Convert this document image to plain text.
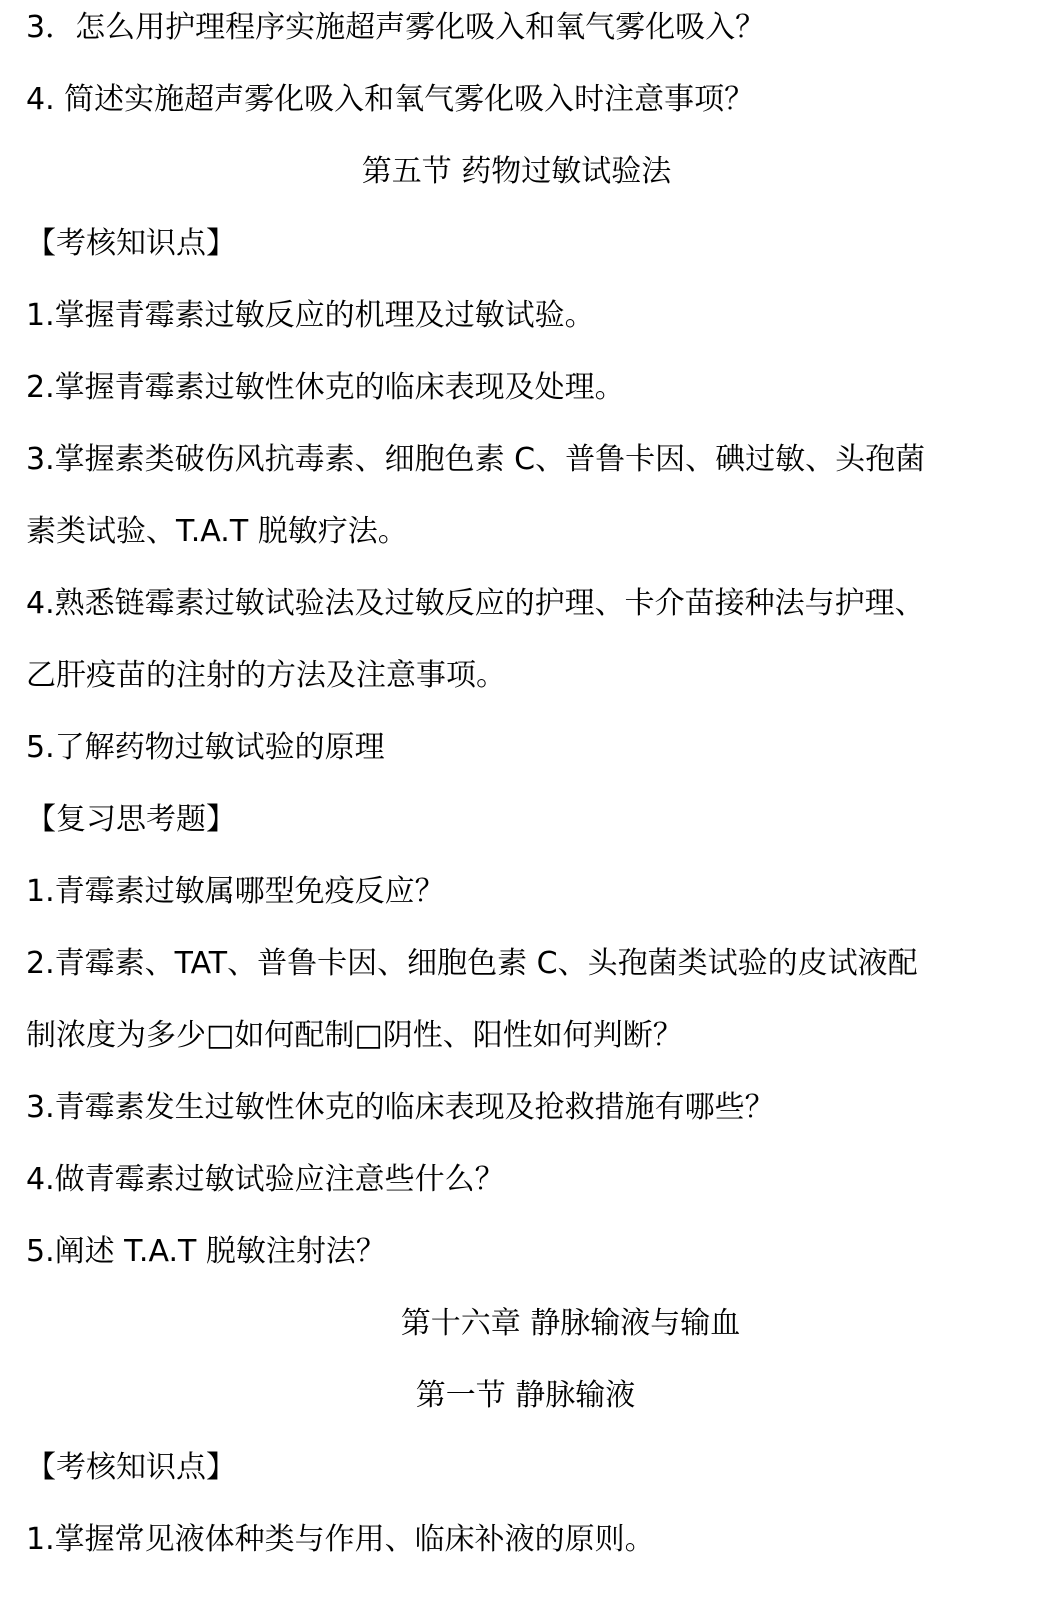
3．怎么用护理程序实施超声雾化吸入和氧气雾化吸入？
4. 简述实施超声雾化吸入和氧气雾化吸入时注意事项？
第五节 药物过敏试验法
【考核知识点】
1.掌握青霉素过敏反应的机理及过敏试验。
2.掌握青霉素过敏性休克的临床表现及处理。
3.掌握素类破伤风抗毒素、细胞色素 C、普鲁卡因、碘过敏、头孢菌
素类试验、T.A.T 脱敏疗法。
4.熟悉链霉素过敏试验法及过敏反应的护理、卡介苗接种法与护理、
乙肝疫苗的注射的方法及注意事项。
5.了解药物过敏试验的原理
【复习思考题】
1.青霉素过敏属哪型免疫反应？
2.青霉素、TAT、普鲁卡因、细胞色素 C、头孢菌类试验的皮试液配
制浓度为多少□如何配制□阴性、阳性如何判断？
3.青霉素发生过敏性休克的临床表现及抢救措施有哪些？
4.做青霉素过敏试验应注意些什么？
5.阐述 T.A.T 脱敏注射法？
第十六章 静脉输液与输血
第一节 静脉输液
【考核知识点】
1.掌握常见液体种类与作用、临床补液的原则。
